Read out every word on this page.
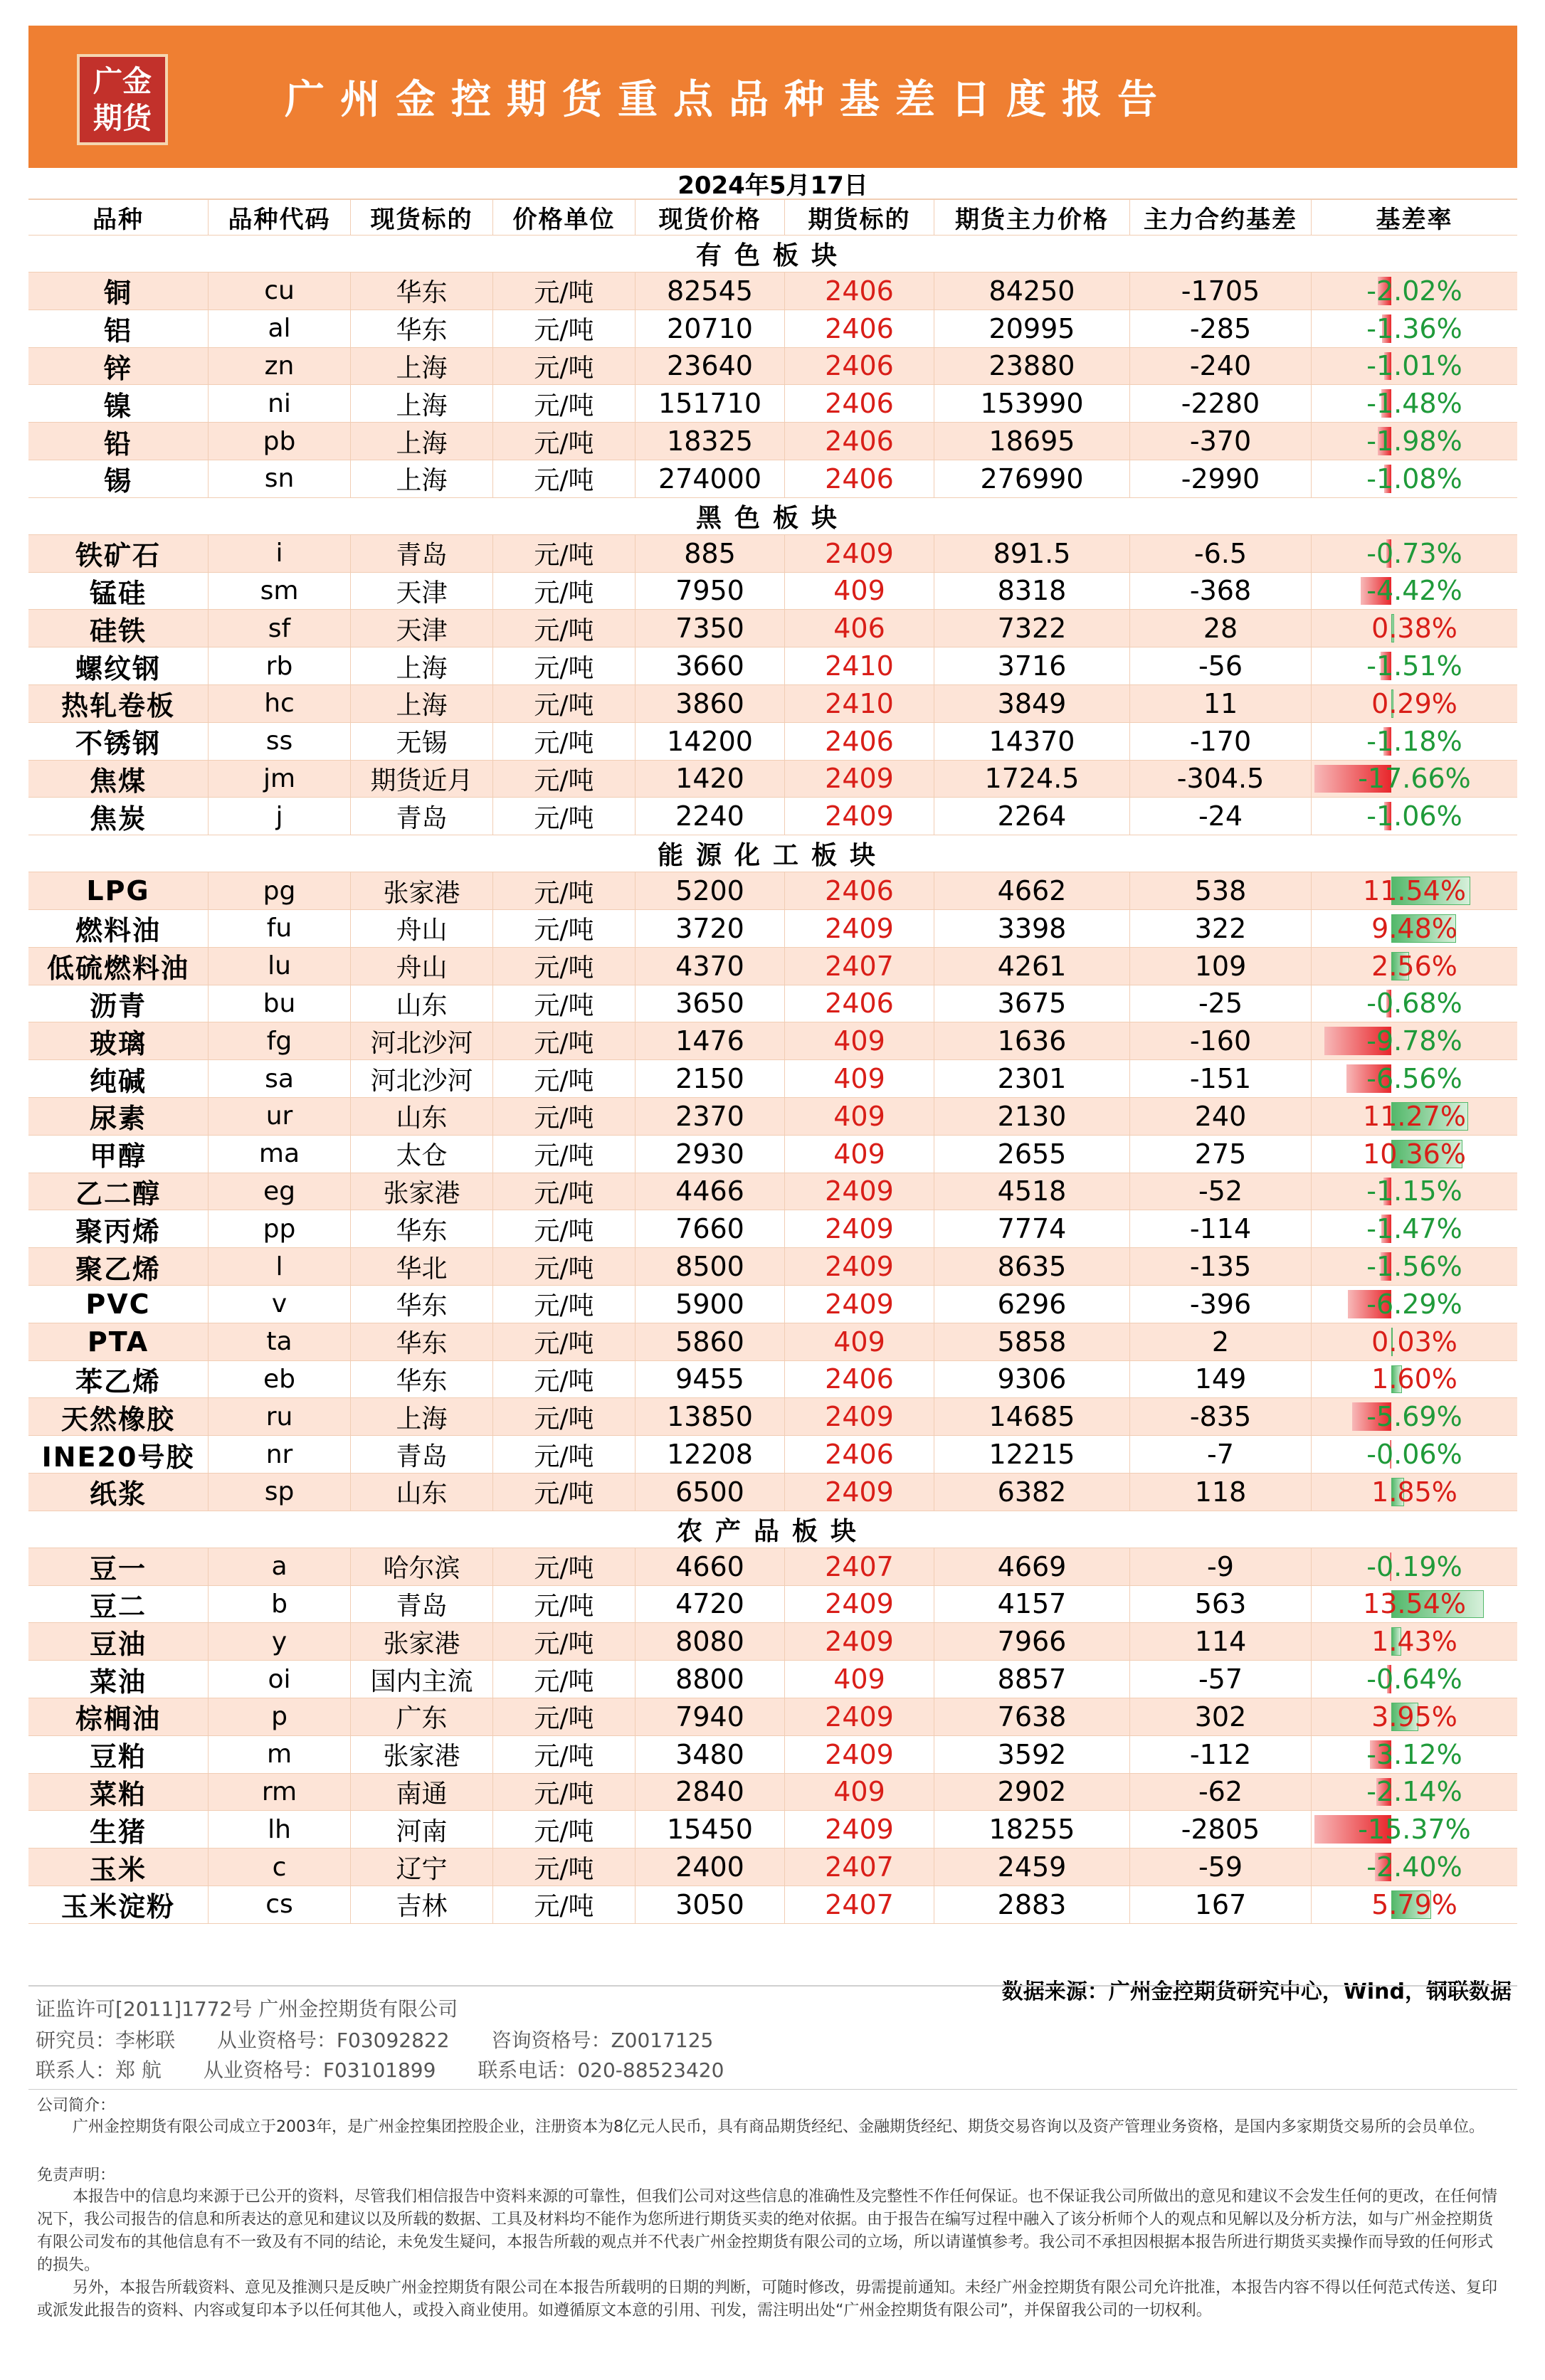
广金
期货	广州金控期货重点品种基差日度报告
2024年5月17日
品种	品种代码	现货标的	价格单位	现货价格	期货标的	期货主力价格	主力合约基差	基差率
有色板块
铜	cu	华东	元/吨	82545	2406	84250	-1705	-2.02%
铝	al	华东	元/吨	20710	2406	20995	-285	-1.36%
锌	zn	上海	元/吨	23640	2406	23880	-240	-1.01%
镍	ni	上海	元/吨	151710	2406	153990	-2280	-1.48%
铅	pb	上海	元/吨	18325	2406	18695	-370	-1.98%
锡	sn	上海	元/吨	274000	2406	276990	-2990	-1.08%
黑色板块
铁矿石	i	青岛	元/吨	885	2409	891.5	-6.5	-0.73%
锰硅	sm	天津	元/吨	7950	409	8318	-368	-4.42%
硅铁	sf	天津	元/吨	7350	406	7322	28	0.38%
螺纹钢	rb	上海	元/吨	3660	2410	3716	-56	-1.51%
热轧卷板	hc	上海	元/吨	3860	2410	3849	11	0.29%
不锈钢	ss	无锡	元/吨	14200	2406	14370	-170	-1.18%
焦煤	jm	期货近月	元/吨	1420	2409	1724.5	-304.5	-17.66%
焦炭	j	青岛	元/吨	2240	2409	2264	-24	-1.06%
能源化工板块
LPG	pg	张家港	元/吨	5200	2406	4662	538	11.54%
燃料油	fu	舟山	元/吨	3720	2409	3398	322	9.48%
低硫燃料油	lu	舟山	元/吨	4370	2407	4261	109	2.56%
沥青	bu	山东	元/吨	3650	2406	3675	-25	-0.68%
玻璃	fg	河北沙河	元/吨	1476	409	1636	-160	-9.78%
纯碱	sa	河北沙河	元/吨	2150	409	2301	-151	-6.56%
尿素	ur	山东	元/吨	2370	409	2130	240	11.27%
甲醇	ma	太仓	元/吨	2930	409	2655	275	10.36%
乙二醇	eg	张家港	元/吨	4466	2409	4518	-52	-1.15%
聚丙烯	pp	华东	元/吨	7660	2409	7774	-114	-1.47%
聚乙烯	l	华北	元/吨	8500	2409	8635	-135	-1.56%
PVC	v	华东	元/吨	5900	2409	6296	-396	-6.29%
PTA	ta	华东	元/吨	5860	409	5858	2	0.03%
苯乙烯	eb	华东	元/吨	9455	2406	9306	149	1.60%
天然橡胶	ru	上海	元/吨	13850	2409	14685	-835	-5.69%
INE20号胶	nr	青岛	元/吨	12208	2406	12215	-7	-0.06%
纸浆	sp	山东	元/吨	6500	2409	6382	118	1.85%
农产品板块
豆一	a	哈尔滨	元/吨	4660	2407	4669	-9	-0.19%
豆二	b	青岛	元/吨	4720	2409	4157	563	13.54%
豆油	y	张家港	元/吨	8080	2409	7966	114	1.43%
菜油	oi	国内主流	元/吨	8800	409	8857	-57	-0.64%
棕榈油	p	广东	元/吨	7940	2409	7638	302	3.95%
豆粕	m	张家港	元/吨	3480	2409	3592	-112	-3.12%
菜粕	rm	南通	元/吨	2840	409	2902	-62	-2.14%
生猪	lh	河南	元/吨	15450	2409	18255	-2805	-15.37%
玉米	c	辽宁	元/吨	2400	2407	2459	-59	-2.40%
玉米淀粉	cs	吉林	元/吨	3050	2407	2883	167	5.79%
数据来源：广州金控期货研究中心，Wind，钢联数据
证监许可[2011]1772号 广州金控期货有限公司
研究员：李彬联 从业资格号：F03092822 咨询资格号：Z0017125
联系人：郑 航 从业资格号：F03101899 联系电话：020-88523420
公司简介：
广州金控期货有限公司成立于2003年，是广州金控集团控股企业，注册资本为8亿元人民币，具有商品期货经纪、金融期货经纪、期货交易咨询以及资产管理业务资格，是国内多家期货交易所的会员单位。
免责声明：
本报告中的信息均来源于已公开的资料，尽管我们相信报告中资料来源的可靠性，但我们公司对这些信息的准确性及完整性不作任何保证。也不保证我公司所做出的意见和建议不会发生任何的更改，在任何情况下，我公司报告的信息和所表达的意见和建议以及所载的数据、工具及材料均不能作为您所进行期货买卖的绝对依据。由于报告在编写过程中融入了该分析师个人的观点和见解以及分析方法，如与广州金控期货有限公司发布的其他信息有不一致及有不同的结论，未免发生疑问，本报告所载的观点并不代表广州金控期货有限公司的立场，所以请谨慎参考。我公司不承担因根据本报告所进行期货买卖操作而导致的任何形式的损失。
另外，本报告所载资料、意见及推测只是反映广州金控期货有限公司在本报告所载明的日期的判断，可随时修改，毋需提前通知。未经广州金控期货有限公司允许批准，本报告内容不得以任何范式传送、复印或派发此报告的资料、内容或复印本予以任何其他人，或投入商业使用。如遵循原文本意的引用、刊发，需注明出处“广州金控期货有限公司”，并保留我公司的一切权利。
